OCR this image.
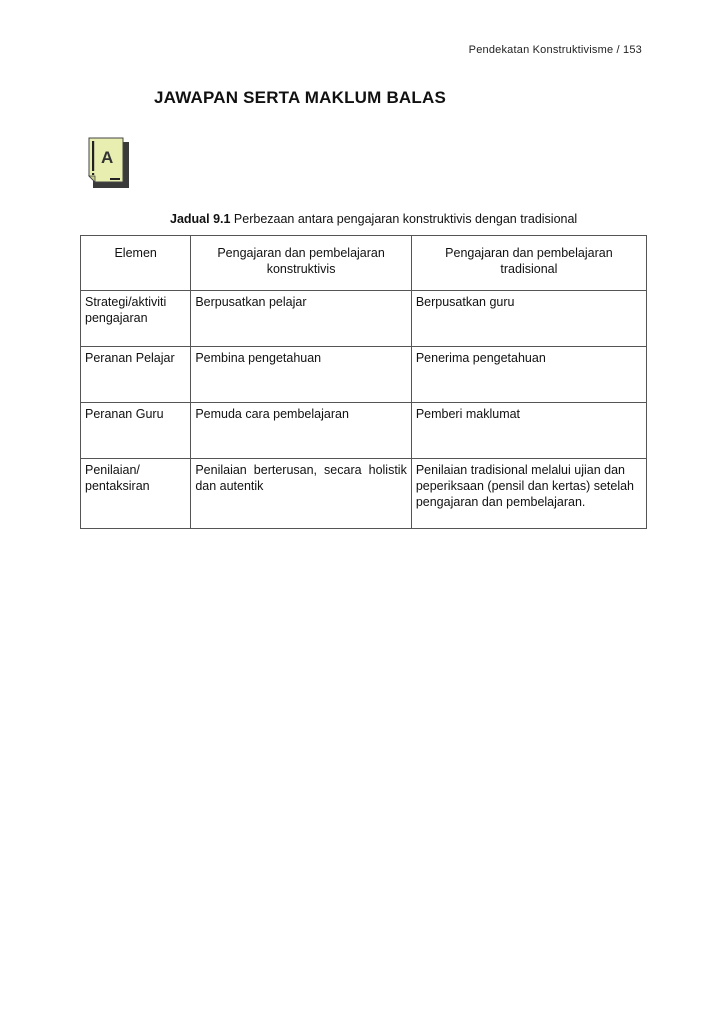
Pendekatan Konstruktivisme / 153
JAWAPAN SERTA MAKLUM BALAS
A
Jadual 9.1 Perbezaan antara pengajaran konstruktivis dengan tradisional
Elemen	Pengajaran dan pembelajaran konstruktivis	Pengajaran dan pembelajaran tradisional
Strategi/aktiviti pengajaran	Berpusatkan pelajar	Berpusatkan guru
Peranan Pelajar	Pembina pengetahuan	Penerima pengetahuan
Peranan Guru	Pemuda cara pembelajaran	Pemberi maklumat
Penilaian/ pentaksiran	Penilaian berterusan, secara holistik dan autentik	Penilaian tradisional melalui ujian dan peperiksaan (pensil dan kertas) setelah pengajaran dan pembelajaran.
